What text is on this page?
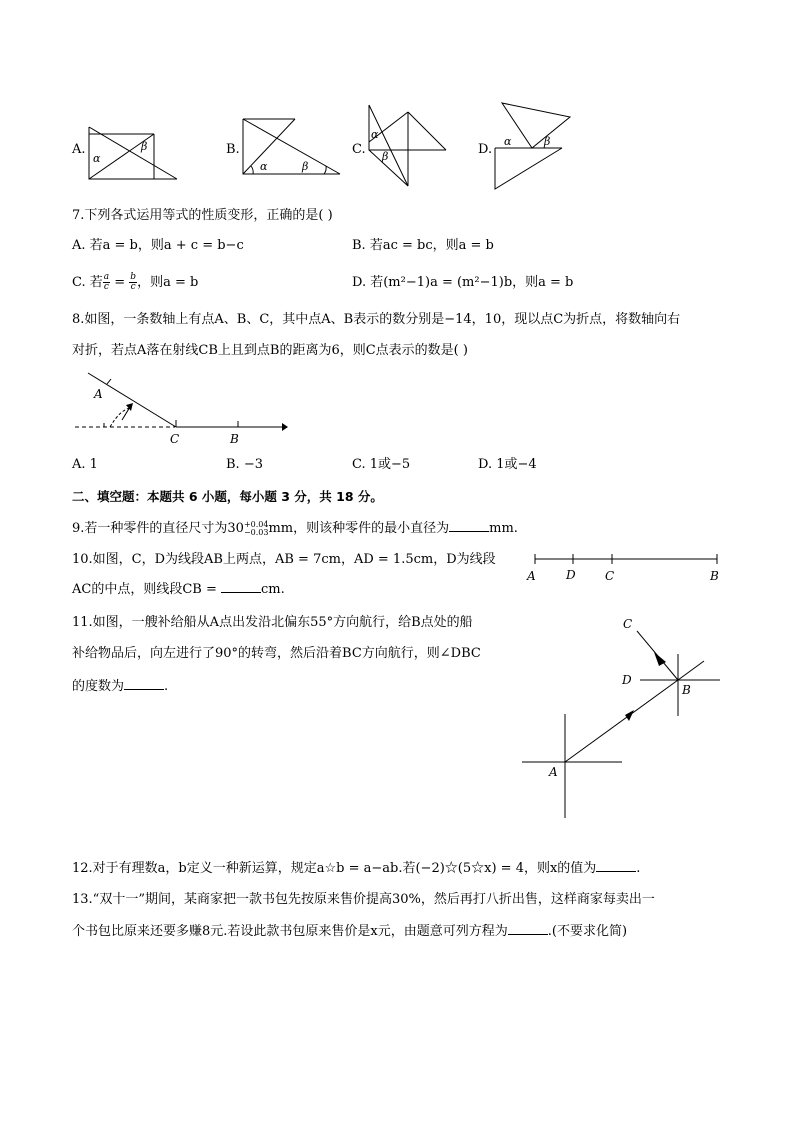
A.
α
β	B.
α	β
C.
α
β	D.
α	β
7.下列各式运用等式的性质变形，正确的是( )
A. 若a = b，则a + c = b−c	B. 若ac = bc，则a = b
C. 若 $\frac{a}{c} = \frac{b}{c}$ ，则a = b	D. 若(m²−1)a = (m²−1)b，则a = b
8.如图，一条数轴上有点A、B、C，其中点A、B表示的数分别是−14，10，现以点C为折点，将数轴向右
对折，若点A落在射线CB上且到点B的距离为6，则C点表示的数是( )
A
C	B
A. 1	B. −3	C. 1或−5	D. 1或−4
二、填空题：本题共 6 小题，每小题 3 分，共 18 分。
9.若一种零件的直径尺寸为30 +0.04
−0.03 mm，则该种零件的最小直径为	mm.
10.如图，C，D为线段AB上两点，AB = 7cm，AD = 1.5cm，D为线段
AC的中点，则线段CB =	cm.
A	D C	B
11.如图，一艘补给船从A点出发沿北偏东55°方向航行，给B点处的船
补给物品后，向左进行了90°的转弯，然后沿着BC方向航行，则∠DBC
的度数为	.
C
D
B
A
12.对于有理数a，b定义一种新运算，规定a☆b = a−ab.若(−2)☆(5☆x) = 4，则x的值为	.
13.“双十一”期间，某商家把一款书包先按原来售价提高30%，然后再打八折出售，这样商家每卖出一
个书包比原来还要多赚8元.若设此款书包原来售价是x元，由题意可列方程为	.(不要求化简)
